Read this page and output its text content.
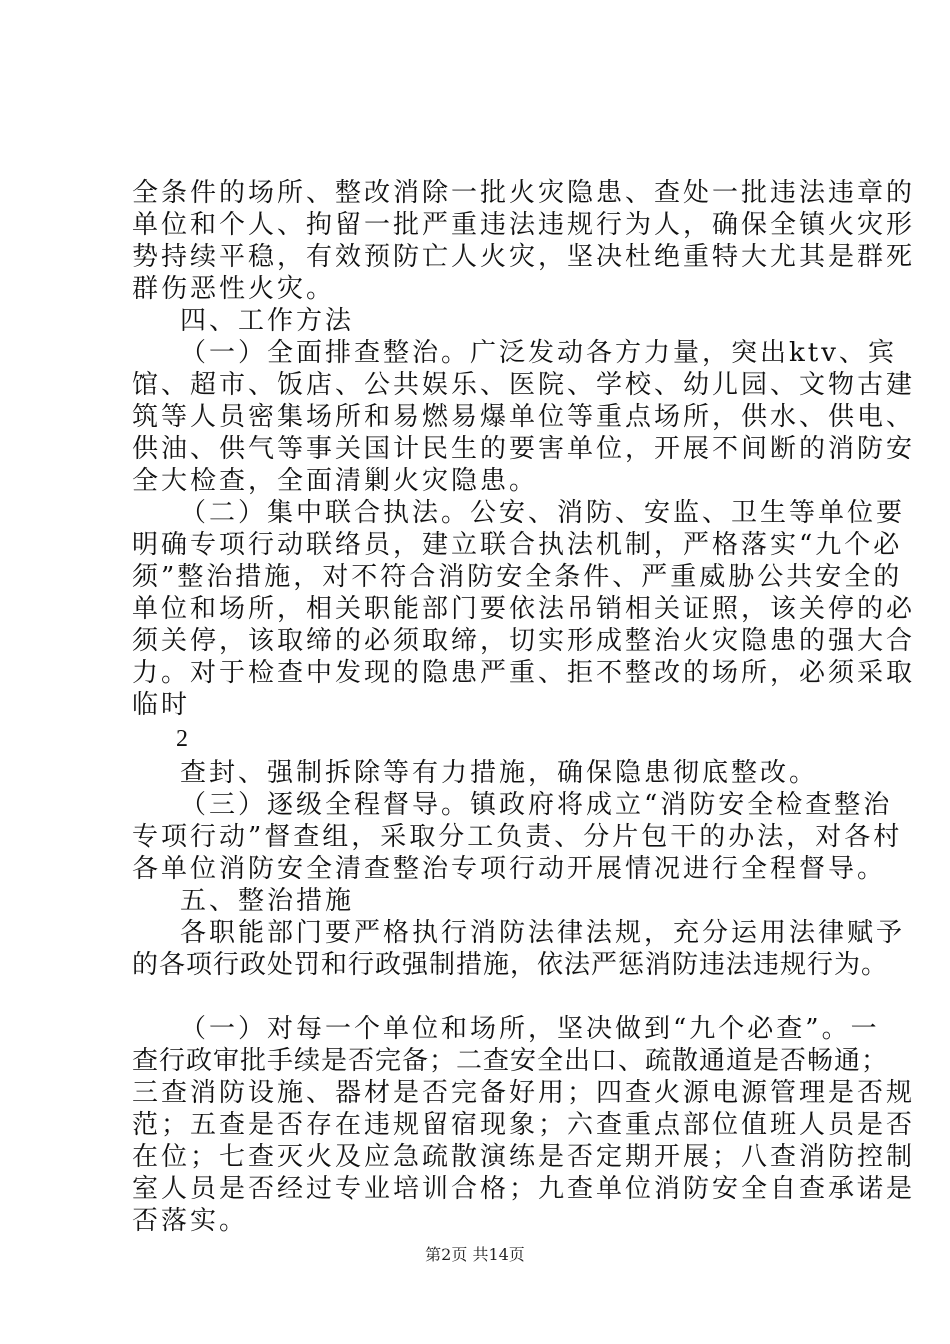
全条件的场所、整改消除一批火灾隐患、查处一批违法违章的
单位和个人、拘留一批严重违法违规行为人，确保全镇火灾形
势持续平稳，有效预防亡人火灾，坚决杜绝重特大尤其是群死
群伤恶性火灾。
四、工作方法
（一）全面排查整治。广泛发动各方力量，突出ktv、宾
馆、超市、饭店、公共娱乐、医院、学校、幼儿园、文物古建
筑等人员密集场所和易燃易爆单位等重点场所，供水、供电、
供油、供气等事关国计民生的要害单位，开展不间断的消防安
全大检查，全面清剿火灾隐患。
（二）集中联合执法。公安、消防、安监、卫生等单位要
明确专项行动联络员，建立联合执法机制，严格落实“九个必
须”整治措施，对不符合消防安全条件、严重威胁公共安全的
单位和场所，相关职能部门要依法吊销相关证照，该关停的必
须关停，该取缔的必须取缔，切实形成整治火灾隐患的强大合
力。对于检查中发现的隐患严重、拒不整改的场所，必须采取
临时
2
查封、强制拆除等有力措施，确保隐患彻底整改。
（三）逐级全程督导。镇政府将成立“消防安全检查整治
专项行动”督查组，采取分工负责、分片包干的办法，对各村
各单位消防安全清查整治专项行动开展情况进行全程督导。
五、整治措施
各职能部门要严格执行消防法律法规，充分运用法律赋予
的各项行政处罚和行政强制措施，依法严惩消防违法违规行为。
（一）对每一个单位和场所，坚决做到“九个必查”。一
查行政审批手续是否完备；二查安全出口、疏散通道是否畅通；
三查消防设施、器材是否完备好用；四查火源电源管理是否规
范；五查是否存在违规留宿现象；六查重点部位值班人员是否
在位；七查灭火及应急疏散演练是否定期开展；八查消防控制
室人员是否经过专业培训合格；九查单位消防安全自查承诺是
否落实。
第2页 共14页
